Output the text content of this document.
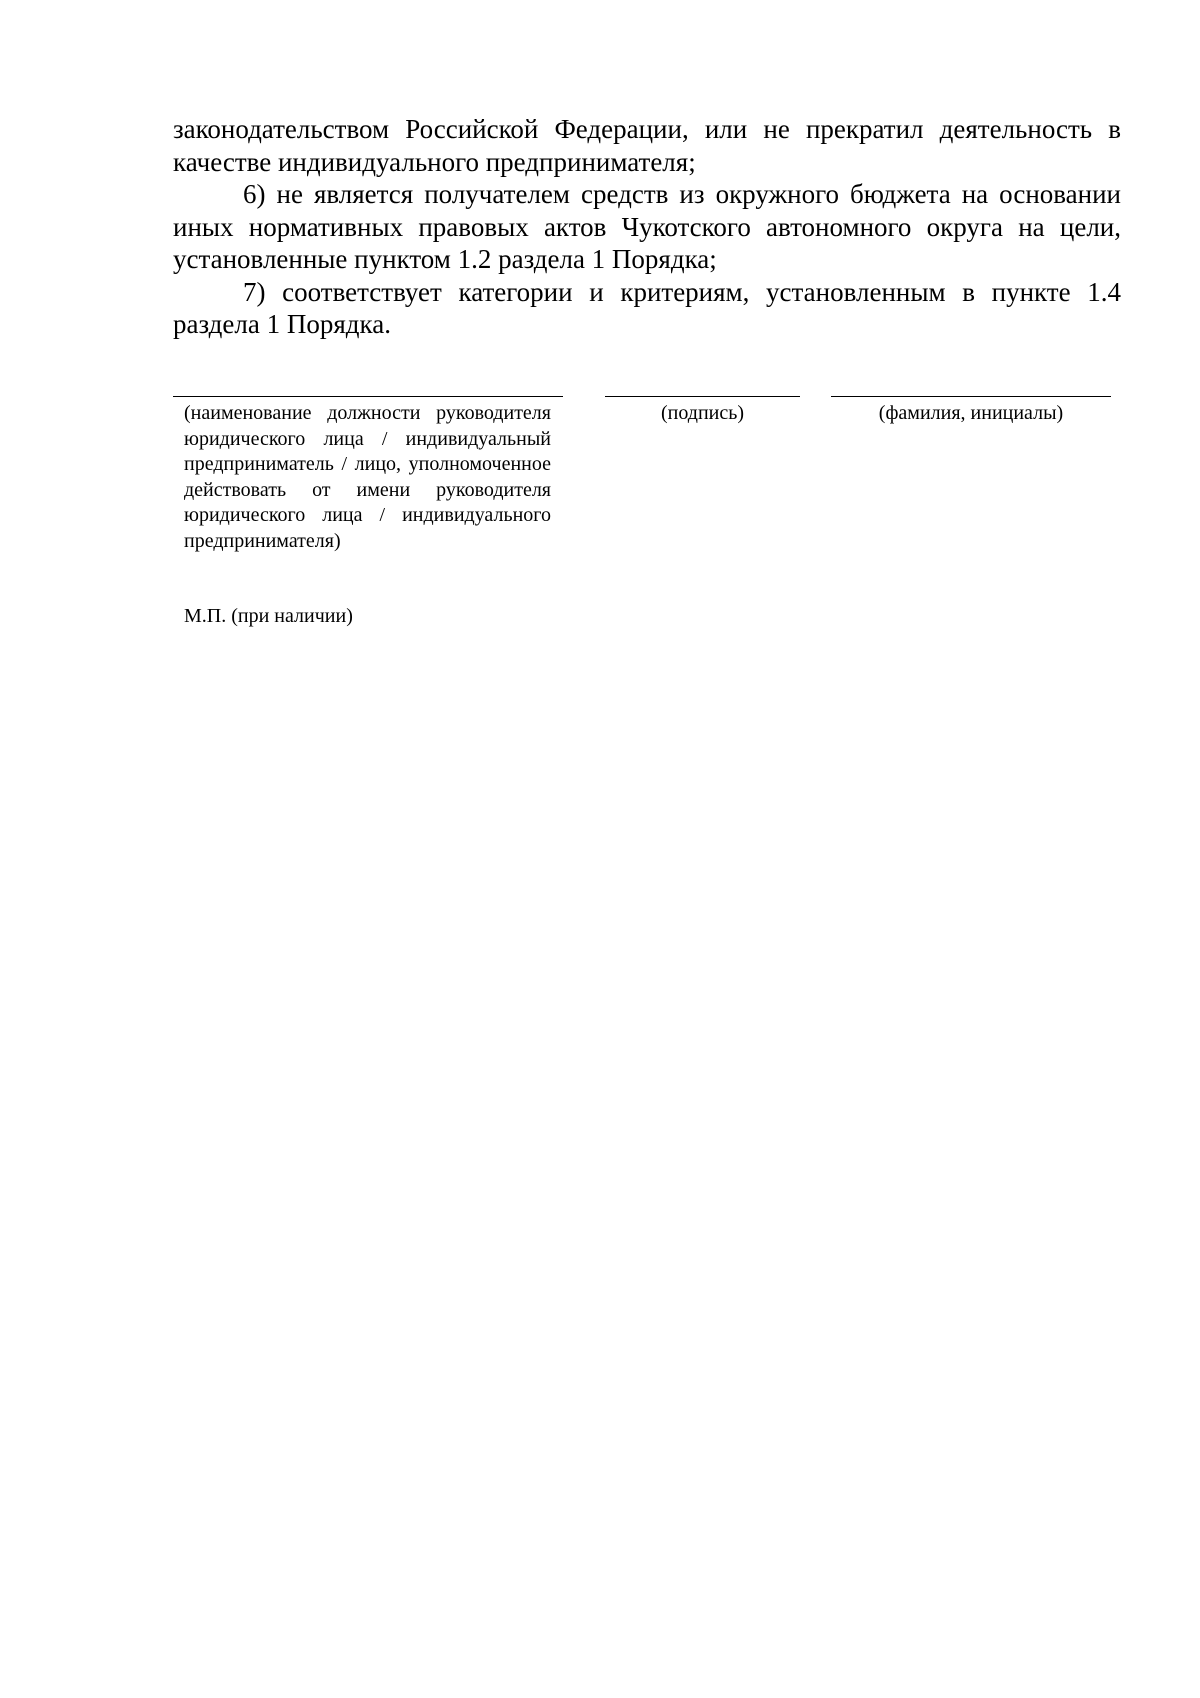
законодательством Российской Федерации, или не прекратил деятельность в качестве индивидуального предпринимателя;

6) не является получателем средств из окружного бюджета на основании иных нормативных правовых актов Чукотского автономного округа на цели, установленные пунктом 1.2 раздела 1 Порядка;

7) соответствует категории и критериям, установленным в пункте 1.4 раздела 1 Порядка.

(наименование должности руководителя юридического лица / индивидуальный предприниматель / лицо, уполномоченное действовать от имени руководителя юридического лица / индивидуального предпринимателя)
(подпись)	(фамилия, инициалы)
М.П. (при наличии)
